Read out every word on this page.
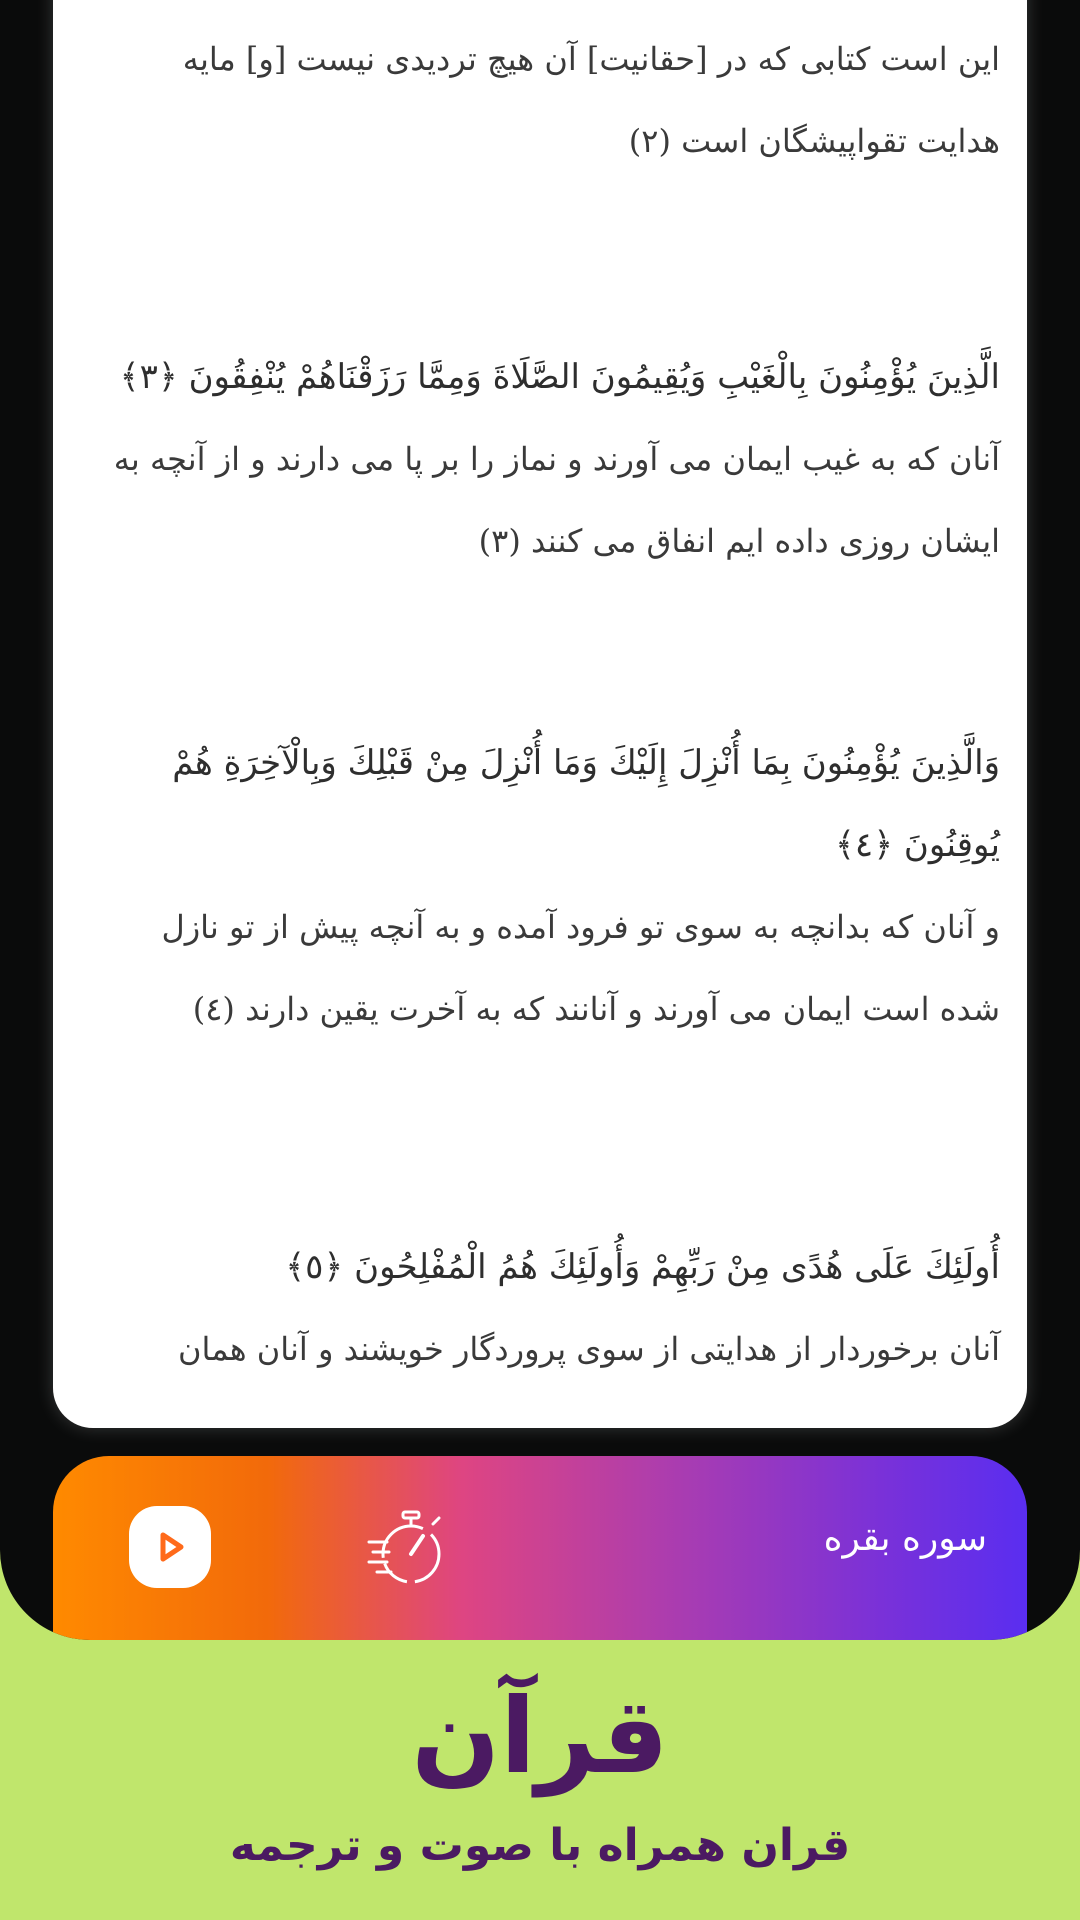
این است کتابی که در [حقانیت] آن هیچ تردیدی نیست [و] مایه هدایت تقواپیشگان است (۲)
الَّذِينَ يُؤْمِنُونَ بِالْغَيْبِ وَيُقِيمُونَ الصَّلَاةَ وَمِمَّا رَزَقْنَاهُمْ يُنْفِقُونَ ﴿٣﴾
آنان که به غیب ایمان می آورند و نماز را بر پا می دارند و از آنچه به ایشان روزی داده ایم انفاق می کنند (۳)
وَالَّذِينَ يُؤْمِنُونَ بِمَا أُنْزِلَ إِلَيْكَ وَمَا أُنْزِلَ مِنْ قَبْلِكَ وَبِالْآخِرَةِ هُمْ يُوقِنُونَ ﴿٤﴾
و آنان که بدانچه به سوی تو فرود آمده و به آنچه پیش از تو نازل شده است ایمان می آورند و آنانند که به آخرت یقین دارند (٤)
أُولَئِكَ عَلَى هُدًى مِنْ رَبِّهِمْ وَأُولَئِكَ هُمُ الْمُفْلِحُونَ ﴿٥﴾
آنان برخوردار از هدایتی از سوی پروردگار خویشند و آنان همان
سوره بقره
قرآن
قران همراه با صوت و ترجمه
